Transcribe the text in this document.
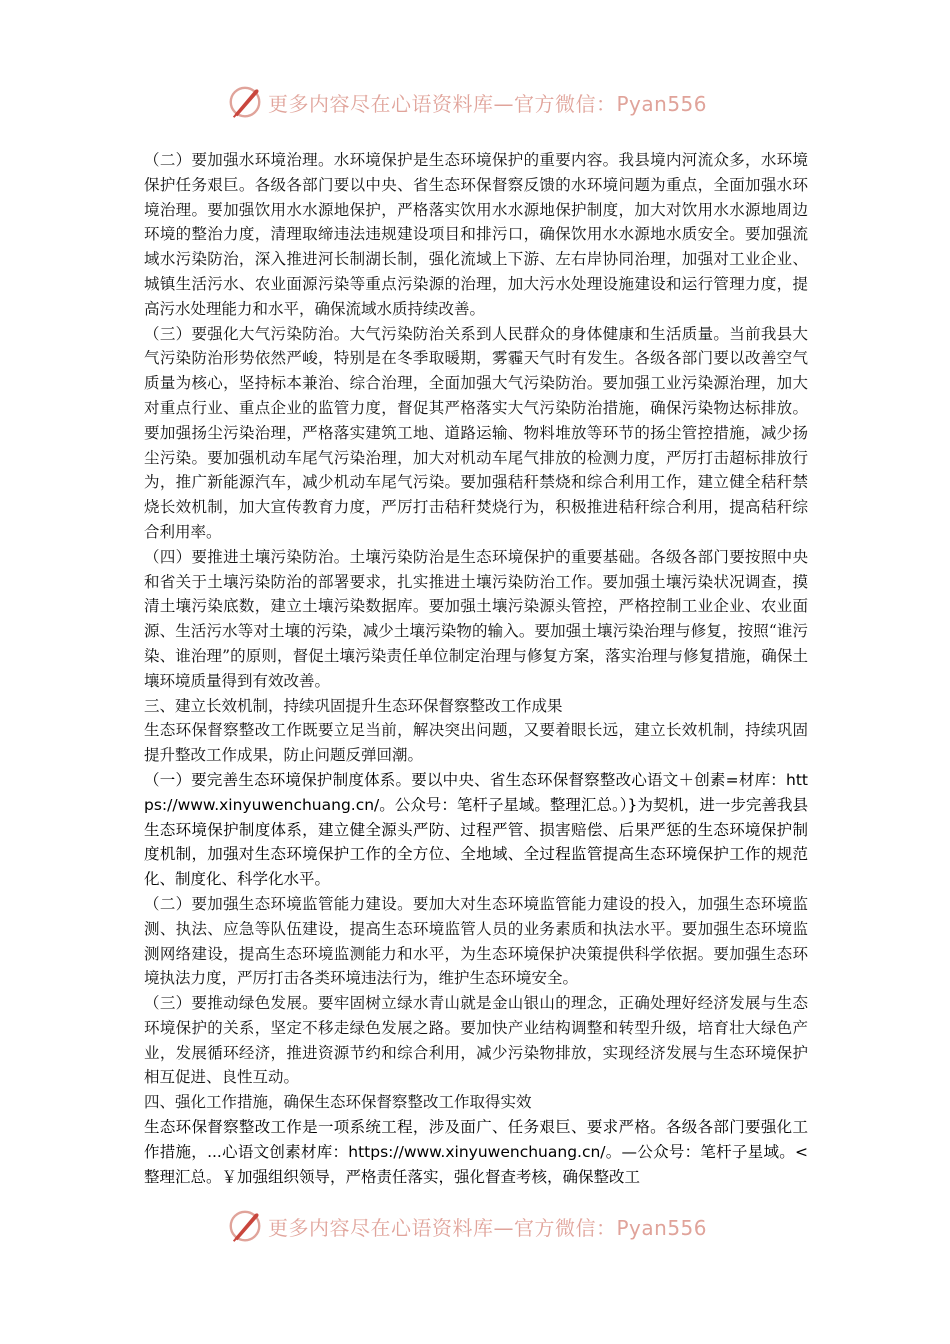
更多内容尽在心语资料库—官方微信：Pyan556

（二）要加强水环境治理。水环境保护是生态环境保护的重要内容。我县境内河流众多，水环境保护任务艰巨。各级各部门要以中央、省生态环保督察反馈的水环境问题为重点，全面加强水环境治理。要加强饮用水水源地保护，严格落实饮用水水源地保护制度，加大对饮用水水源地周边环境的整治力度，清理取缔违法违规建设项目和排污口，确保饮用水水源地水质安全。要加强流域水污染防治，深入推进河长制湖长制，强化流域上下游、左右岸协同治理，加强对工业企业、城镇生活污水、农业面源污染等重点污染源的治理，加大污水处理设施建设和运行管理力度，提高污水处理能力和水平，确保流域水质持续改善。

（三）要强化大气污染防治。大气污染防治关系到人民群众的身体健康和生活质量。当前我县大气污染防治形势依然严峻，特别是在冬季取暖期，雾霾天气时有发生。各级各部门要以改善空气质量为核心，坚持标本兼治、综合治理，全面加强大气污染防治。要加强工业污染源治理，加大对重点行业、重点企业的监管力度，督促其严格落实大气污染防治措施，确保污染物达标排放。要加强扬尘污染治理，严格落实建筑工地、道路运输、物料堆放等环节的扬尘管控措施，减少扬尘污染。要加强机动车尾气污染治理，加大对机动车尾气排放的检测力度，严厉打击超标排放行为，推广新能源汽车，减少机动车尾气污染。要加强秸秆禁烧和综合利用工作，建立健全秸秆禁烧长效机制，加大宣传教育力度，严厉打击秸秆焚烧行为，积极推进秸秆综合利用，提高秸秆综合利用率。

（四）要推进土壤污染防治。土壤污染防治是生态环境保护的重要基础。各级各部门要按照中央和省关于土壤污染防治的部署要求，扎实推进土壤污染防治工作。要加强土壤污染状况调查，摸清土壤污染底数，建立土壤污染数据库。要加强土壤污染源头管控，严格控制工业企业、农业面源、生活污水等对土壤的污染，减少土壤污染物的输入。要加强土壤污染治理与修复，按照“谁污染、谁治理”的原则，督促土壤污染责任单位制定治理与修复方案，落实治理与修复措施，确保土壤环境质量得到有效改善。

三、建立长效机制，持续巩固提升生态环保督察整改工作成果

生态环保督察整改工作既要立足当前，解决突出问题，又要着眼长远，建立长效机制，持续巩固提升整改工作成果，防止问题反弹回潮。

（一）要完善生态环境保护制度体系。要以中央、省生态环保督察整改心语文＋创素=材库：https://www.xinyuwenchuang.cn/。公众号：笔杆子星域。整理汇总。）}为契机，进一步完善我县生态环境保护制度体系，建立健全源头严防、过程严管、损害赔偿、后果严惩的生态环境保护制度机制，加强对生态环境保护工作的全方位、全地域、全过程监管提高生态环境保护工作的规范化、制度化、科学化水平。

（二）要加强生态环境监管能力建设。要加大对生态环境监管能力建设的投入，加强生态环境监测、执法、应急等队伍建设，提高生态环境监管人员的业务素质和执法水平。要加强生态环境监测网络建设，提高生态环境监测能力和水平，为生态环境保护决策提供科学依据。要加强生态环境执法力度，严厉打击各类环境违法行为，维护生态环境安全。

（三）要推动绿色发展。要牢固树立绿水青山就是金山银山的理念，正确处理好经济发展与生态环境保护的关系，坚定不移走绿色发展之路。要加快产业结构调整和转型升级，培育壮大绿色产业，发展循环经济，推进资源节约和综合利用，减少污染物排放，实现经济发展与生态环境保护相互促进、良性互动。

四、强化工作措施，确保生态环保督察整改工作取得实效

生态环保督察整改工作是一项系统工程，涉及面广、任务艰巨、要求严格。各级各部门要强化工作措施，...心语文创素材库：https://www.xinyuwenchuang.cn/。—公众号：笔杆子星域。<整理汇总。￥加强组织领导，严格责任落实，强化督查考核，确保整改工

更多内容尽在心语资料库—官方微信：Pyan556
